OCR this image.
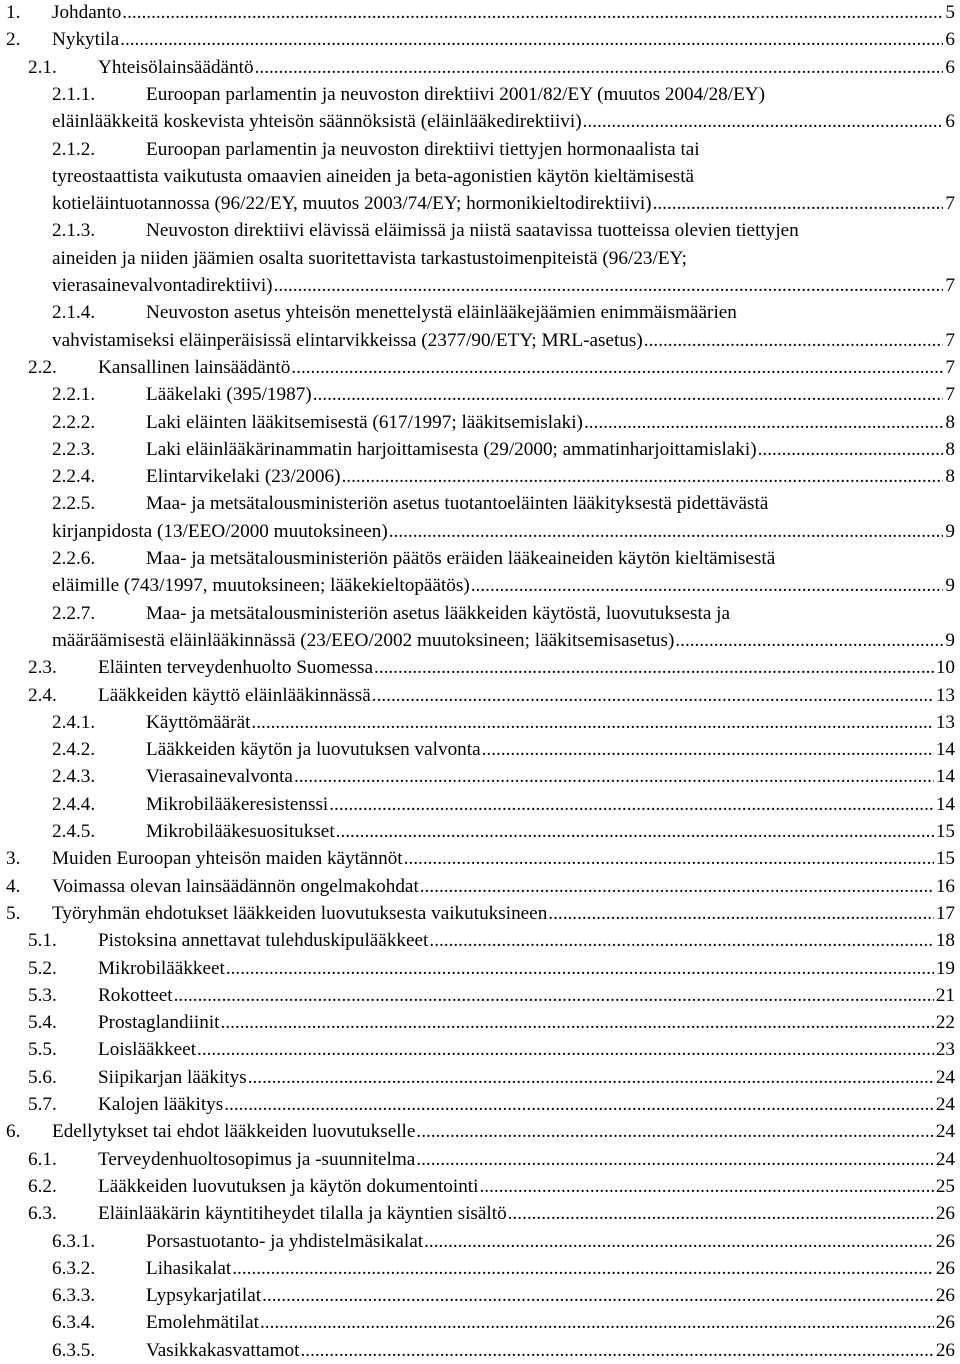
1. Johdanto	5
.....
2. Nykytila	6
.....
2.1. Yhteisölainsäädäntö	6
.....
2.1.1.	Euroopan parlamentin ja neuvoston direktiivi 2001/82/EY (muutos 2004/28/EY)
eläinlääkkeitä koskevista yhteisön säännöksistä (eläinlääkedirektiivi)	6
.....
2.1.2.	Euroopan parlamentin ja neuvoston direktiivi tiettyjen hormonaalista tai
tyreostaattista vaikutusta omaavien aineiden ja beta-agonistien käytön kieltämisestä
kotieläintuotannossa (96/22/EY, muutos 2003/74/EY; hormonikieltodirektiivi)	7
.....
2.1.3.	Neuvoston direktiivi elävissä eläimissä ja niistä saatavissa tuotteissa olevien tiettyjen
aineiden ja niiden jäämien osalta suoritettavista tarkastustoimenpiteistä (96/23/EY;
vierasainevalvontadirektiivi)	7
.....
2.1.4.	Neuvoston asetus yhteisön menettelystä eläinlääkejäämien enimmäismäärien
vahvistamiseksi eläinperäisissä elintarvikkeissa (2377/90/ETY; MRL-asetus)	7
.....
2.2. Kansallinen lainsäädäntö	7
.....
2.2.1.	Lääkelaki (395/1987)	7
.....
2.2.2.	Laki eläinten lääkitsemisestä (617/1997; lääkitsemislaki)	8
.....
2.2.3.	Laki eläinlääkärinammatin harjoittamisesta (29/2000; ammatinharjoittamislaki)	8
.....
2.2.4.	Elintarvikelaki (23/2006)	8
.....
2.2.5.	Maa- ja metsätalousministeriön asetus tuotantoeläinten lääkityksestä pidettävästä
kirjanpidosta (13/EEO/2000 muutoksineen)	9
.....
2.2.6.	Maa- ja metsätalousministeriön päätös eräiden lääkeaineiden käytön kieltämisestä
eläimille (743/1997, muutoksineen; lääkekieltopäätös)	9
.....
2.2.7.	Maa- ja metsätalousministeriön asetus lääkkeiden käytöstä, luovutuksesta ja
määräämisestä eläinlääkinnässä (23/EEO/2002 muutoksineen; lääkitsemisasetus)	9
.....
2.3. Eläinten terveydenhuolto Suomessa	10
.....
2.4. Lääkkeiden käyttö eläinlääkinnässä	13
.....
2.4.1.	Käyttömäärät	13
.....
2.4.2.	Lääkkeiden käytön ja luovutuksen valvonta	14
.....
2.4.3.	Vierasainevalvonta	14
.....
2.4.4.	Mikrobilääkeresistenssi	14
.....
2.4.5.	Mikrobilääkesuositukset	15
.....
3. Muiden Euroopan yhteisön maiden käytännöt	15
.....
4. Voimassa olevan lainsäädännön ongelmakohdat	16
.....
5. Työryhmän ehdotukset lääkkeiden luovutuksesta vaikutuksineen	17
.....
5.1. Pistoksina annettavat tulehduskipulääkkeet	18
.....
5.2. Mikrobilääkkeet	19
.....
5.3. Rokotteet	21
.....
5.4. Prostaglandiinit	22
.....
5.5. Loislääkkeet	23
.....
5.6. Siipikarjan lääkitys	24
.....
5.7. Kalojen lääkitys	24
.....
6. Edellytykset tai ehdot lääkkeiden luovutukselle	24
.....
6.1. Terveydenhuoltosopimus ja -suunnitelma	24
.....
6.2. Lääkkeiden luovutuksen ja käytön dokumentointi	25
.....
6.3. Eläinlääkärin käyntitiheydet tilalla ja käyntien sisältö	26
.....
6.3.1.	Porsastuotanto- ja yhdistelmäsikalat	26
.....
6.3.2.	Lihasikalat	26
.....
6.3.3.	Lypsykarjatilat	26
.....
6.3.4.	Emolehmätilat	26
.....
6.3.5.	Vasikkakasvattamot	26
.....
